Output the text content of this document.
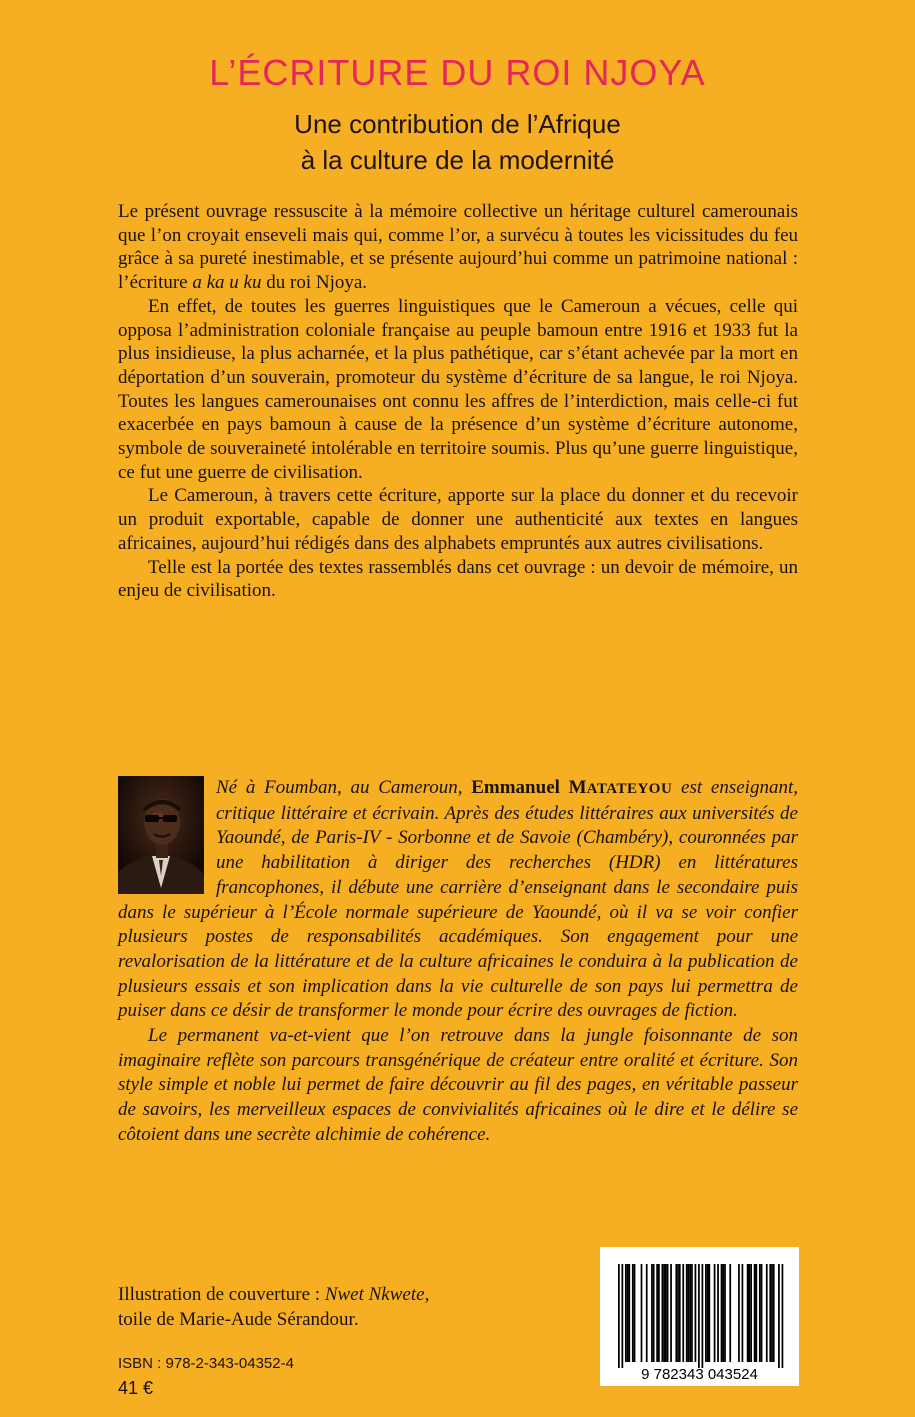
L’ÉCRITURE DU ROI NJOYA
Une contribution de l’Afrique
à la culture de la modernité

Le présent ouvrage ressuscite à la mémoire collective un héritage culturel camerounais que l’on croyait enseveli mais qui, comme l’or, a survécu à toutes les vicissitudes du feu grâce à sa pureté inestimable, et se présente aujourd’hui comme un patrimoine national : l’écriture a ka u ku du roi Njoya.

En effet, de toutes les guerres linguistiques que le Cameroun a vécues, celle qui opposa l’administration coloniale française au peuple bamoun entre 1916 et 1933 fut la plus insidieuse, la plus acharnée, et la plus pathétique, car s’étant achevée par la mort en déportation d’un souverain, promoteur du système d’écriture de sa langue, le roi Njoya. Toutes les langues camerounaises ont connu les affres de l’interdiction, mais celle-ci fut exacerbée en pays bamoun à cause de la présence d’un système d’écriture autonome, symbole de souveraineté intolérable en territoire soumis. Plus qu’une guerre linguistique, ce fut une guerre de civilisation.

Le Cameroun, à travers cette écriture, apporte sur la place du donner et du recevoir un produit exportable, capable de donner une authenticité aux textes en langues africaines, aujourd’hui rédigés dans des alphabets empruntés aux autres civilisations.

Telle est la portée des textes rassemblés dans cet ouvrage : un devoir de mémoire, un enjeu de civilisation.

Né à Foumban, au Cameroun, Emmanuel MATATEYOU est enseignant, critique littéraire et écrivain. Après des études littéraires aux universités de Yaoundé, de Paris-IV - Sorbonne et de Savoie (Chambéry), couronnées par une habilitation à diriger des recherches (HDR) en littératures francophones, il débute une carrière d’enseignant dans le secondaire puis dans le supérieur à l’École normale supérieure de Yaoundé, où il va se voir confier plusieurs postes de responsabilités académiques. Son engagement pour une revalorisation de la littérature et de la culture africaines le conduira à la publication de plusieurs essais et son implication dans la vie culturelle de son pays lui permettra de puiser dans ce désir de transformer le monde pour écrire des ouvrages de fiction.

Le permanent va-et-vient que l’on retrouve dans la jungle foisonnante de son imaginaire reflète son parcours transgénérique de créateur entre oralité et écriture. Son style simple et noble lui permet de faire découvrir au fil des pages, en véritable passeur de savoirs, les merveilleux espaces de convivialités africaines où le dire et le délire se côtoient dans une secrète alchimie de cohérence.

Illustration de couverture : Nwet Nkwete,
toile de Marie-Aude Sérandour.
ISBN : 978-2-343-04352-4
41 €
9 782343 043524
